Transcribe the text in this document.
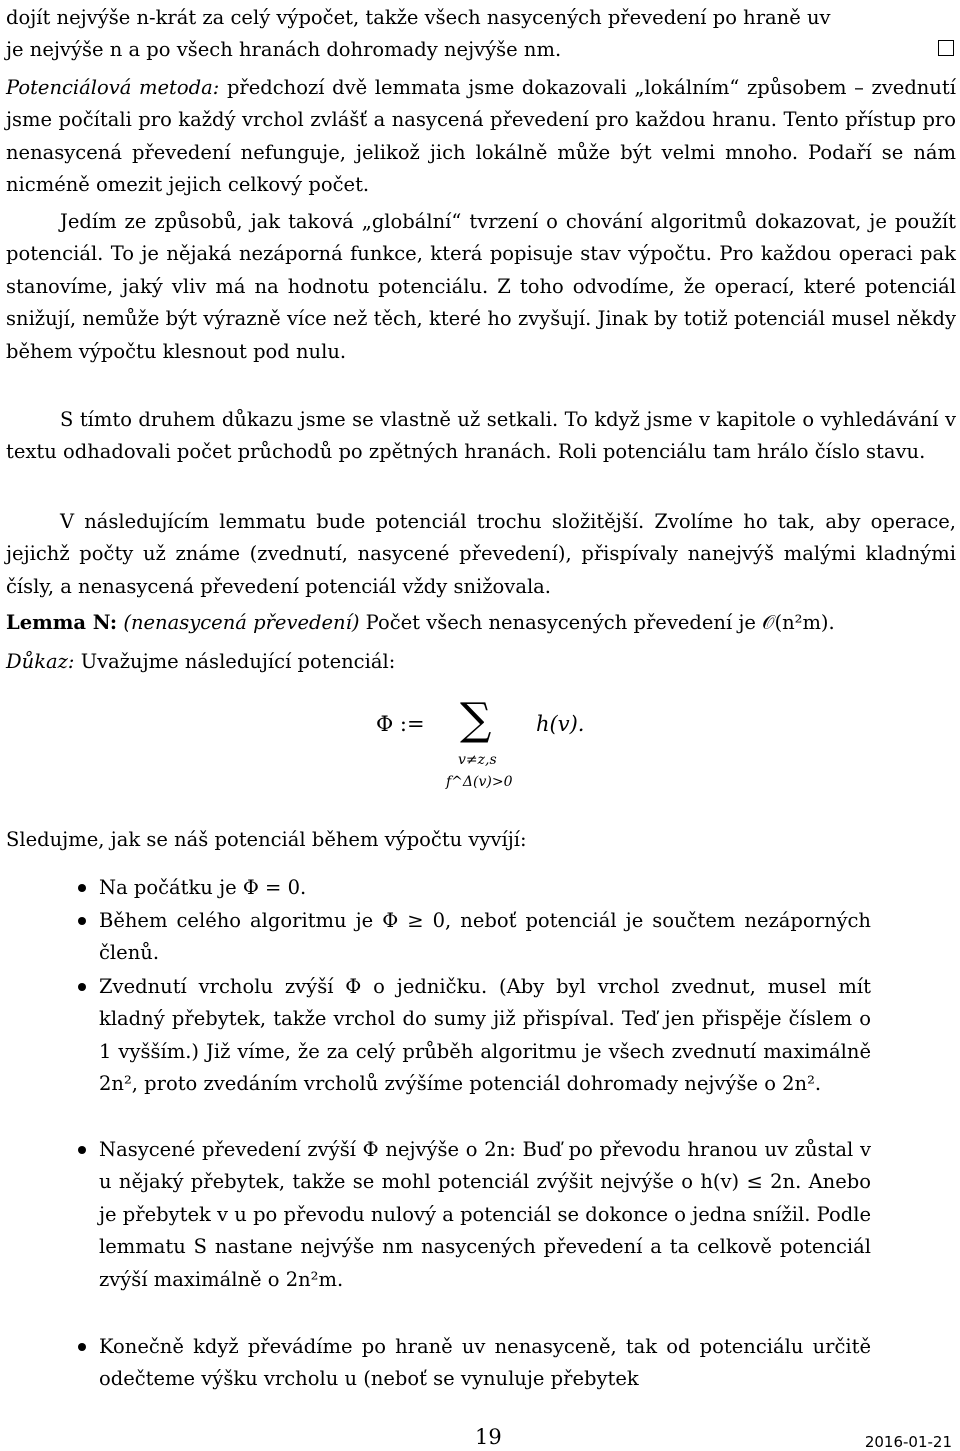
dojít nejvýše n-krát za celý výpočet, takže všech nasycených převedení po hraně uv
je nejvýše n a po všech hranách dohromady nejvýše nm.
Potenciálová metoda: předchozí dvě lemmata jsme dokazovali „lokálním“ způsobem – zvednutí jsme počítali pro každý vrchol zvlášť a nasycená převedení pro každou hranu. Tento přístup pro nenasycená převedení nefunguje, jelikož jich lokálně může být velmi mnoho. Podaří se nám nicméně omezit jejich celkový počet.
Jedím ze způsobů, jak taková „globální“ tvrzení o chování algoritmů dokazovat, je použít potenciál. To je nějaká nezáporná funkce, která popisuje stav výpočtu. Pro každou operaci pak stanovíme, jaký vliv má na hodnotu potenciálu. Z toho odvodíme, že operací, které potenciál snižují, nemůže být výrazně více než těch, které ho zvyšují. Jinak by totiž potenciál musel někdy během výpočtu klesnout pod nulu.
S tímto druhem důkazu jsme se vlastně už setkali. To když jsme v kapitole o vyhledávání v textu odhadovali počet průchodů po zpětných hranách. Roli potenciálu tam hrálo číslo stavu.
V následujícím lemmatu bude potenciál trochu složitější. Zvolíme ho tak, aby operace, jejichž počty už známe (zvednutí, nasycené převedení), přispívaly nanejvýš malými kladnými čísly, a nenasycená převedení potenciál vždy snižovala.
Lemma N: (nenasycená převedení) Počet všech nenasycených převedení je 𝒪(n²m).
Důkaz: Uvažujme následující potenciál:
Φ := ∑ h(v).
v≠z,s
f^Δ(v)>0
Sledujme, jak se náš potenciál během výpočtu vyvíjí:
Na počátku je Φ = 0.
Během celého algoritmu je Φ ≥ 0, neboť potenciál je součtem nezáporných členů.
Zvednutí vrcholu zvýší Φ o jedničku. (Aby byl vrchol zvednut, musel mít kladný přebytek, takže vrchol do sumy již přispíval. Teď jen přispěje číslem o 1 vyšším.) Již víme, že za celý průběh algoritmu je všech zvednutí maximálně 2n², proto zvedáním vrcholů zvýšíme potenciál dohromady nejvýše o 2n².
Nasycené převedení zvýší Φ nejvýše o 2n: Buď po převodu hranou uv zůstal v u nějaký přebytek, takže se mohl potenciál zvýšit nejvýše o h(v) ≤ 2n. Anebo je přebytek v u po převodu nulový a potenciál se dokonce o jedna snížil. Podle lemmatu S nastane nejvýše nm nasycených převedení a ta celkově potenciál zvýší maximálně o 2n²m.
Konečně když převádíme po hraně uv nenasyceně, tak od potenciálu určitě odečteme výšku vrcholu u (neboť se vynuluje přebytek
19	2016-01-21
